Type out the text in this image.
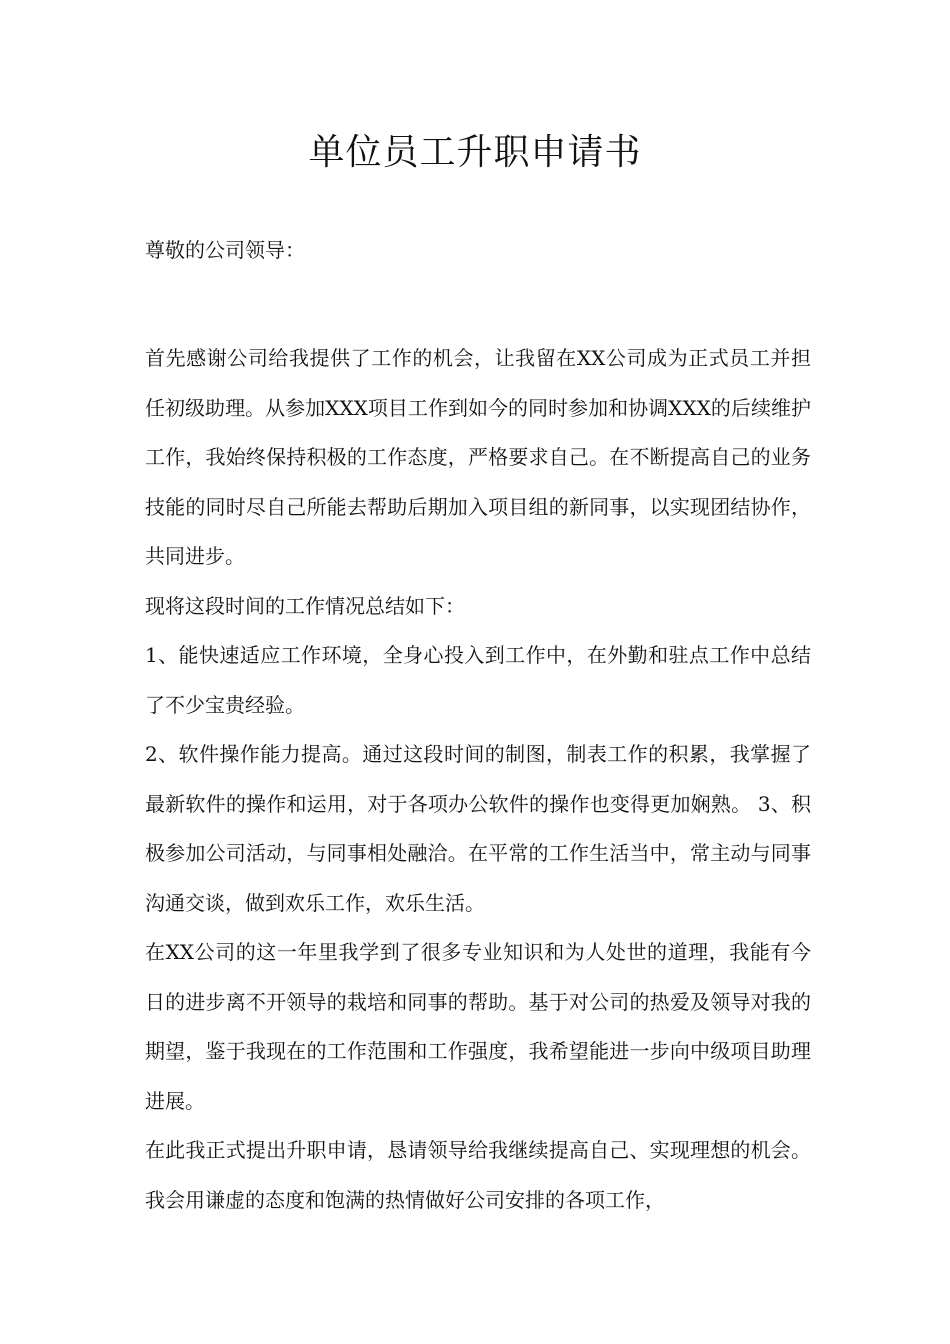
单位员工升职申请书

尊敬的公司领导：

首先感谢公司给我提供了工作的机会，让我留在XX公司成为正式员工并担任初级助理。从参加XXX项目工作到如今的同时参加和协调XXX的后续维护工作，我始终保持积极的工作态度，严格要求自己。在不断提高自己的业务技能的同时尽自己所能去帮助后期加入项目组的新同事，以实现团结协作，共同进步。

现将这段时间的工作情况总结如下：

1、能快速适应工作环境，全身心投入到工作中，在外勤和驻点工作中总结了不少宝贵经验。

2、软件操作能力提高。通过这段时间的制图，制表工作的积累，我掌握了最新软件的操作和运用，对于各项办公软件的操作也变得更加娴熟。 3、积极参加公司活动，与同事相处融洽。在平常的工作生活当中，常主动与同事沟通交谈，做到欢乐工作，欢乐生活。

在XX公司的这一年里我学到了很多专业知识和为人处世的道理，我能有今日的进步离不开领导的栽培和同事的帮助。基于对公司的热爱及领导对我的期望，鉴于我现在的工作范围和工作强度，我希望能进一步向中级项目助理进展。

在此我正式提出升职申请，恳请领导给我继续提高自己、实现理想的机会。我会用谦虚的态度和饱满的热情做好公司安排的各项工作，
